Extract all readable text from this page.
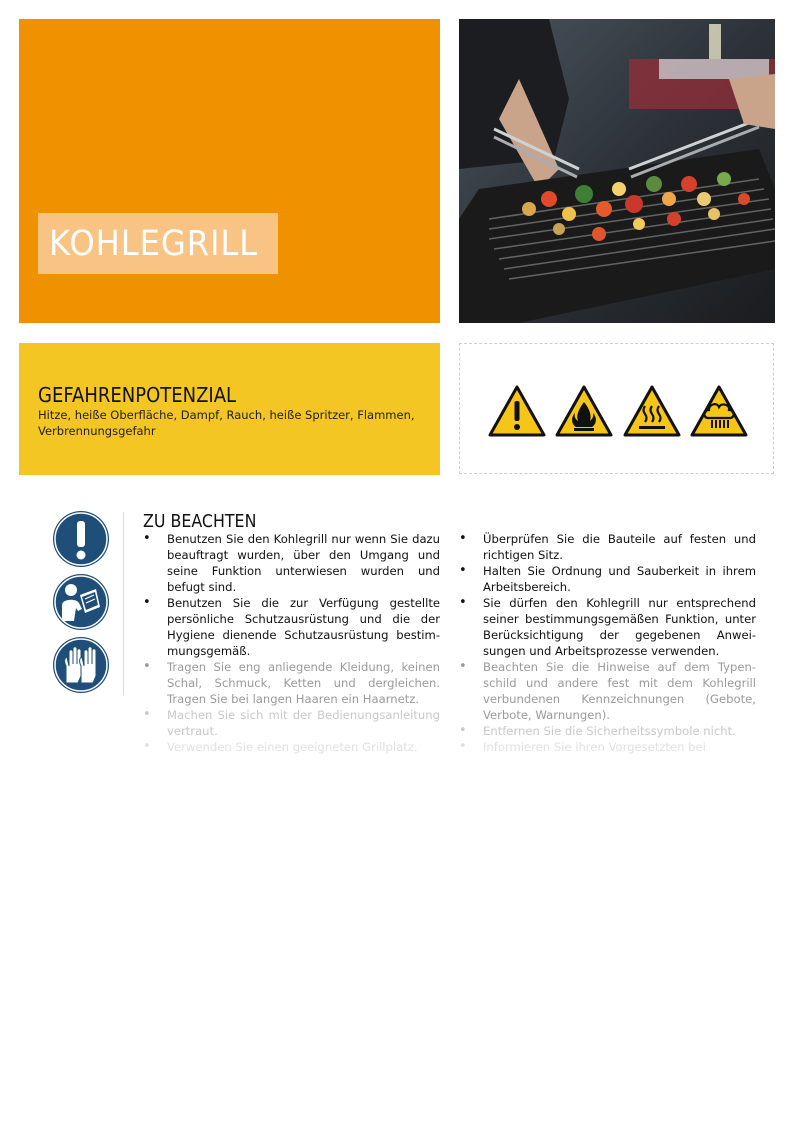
KOHLEGRILL
GEFAHRENPOTENZIAL
Hitze, heiße Oberfläche, Dampf, Rauch, heiße Spritzer, Flammen, Verbrennungsgefahr
ZU BEACHTEN
• Benutzen Sie den Kohlegrill nur wenn Sie dazu beauftragt wurden, über den Umgang und seine Funktion unterwiesen wurden und befugt sind.
• Benutzen Sie die zur Verfügung gestellte persönliche Schutzausrüstung und die der Hygiene dienende Schutzausrüstung bestim-mungsgemäß.
• Tragen Sie eng anliegende Kleidung, keinen Schal, Schmuck, Ketten und dergleichen. Tragen Sie bei langen Haaren ein Haarnetz.
• Machen Sie sich mit der Bedienungsanleitung vertraut.
• Verwenden Sie einen geeigneten Grillplatz.
• Überprüfen Sie die Bauteile auf festen und richtigen Sitz.
• Halten Sie Ordnung und Sauberkeit in ihrem Arbeitsbereich.
• Sie dürfen den Kohlegrill nur entsprechend seiner bestimmungsgemäßen Funktion, unter Berücksichtigung der gegebenen Anwei-sungen und Arbeitsprozesse verwenden.
• Beachten Sie die Hinweise auf dem Typen-schild und andere fest mit dem Kohlegrill verbundenen Kennzeichnungen (Gebote, Verbote, Warnungen).
• Entfernen Sie die Sicherheitssymbole nicht.
• Informieren Sie ihren Vorgesetzten bei
